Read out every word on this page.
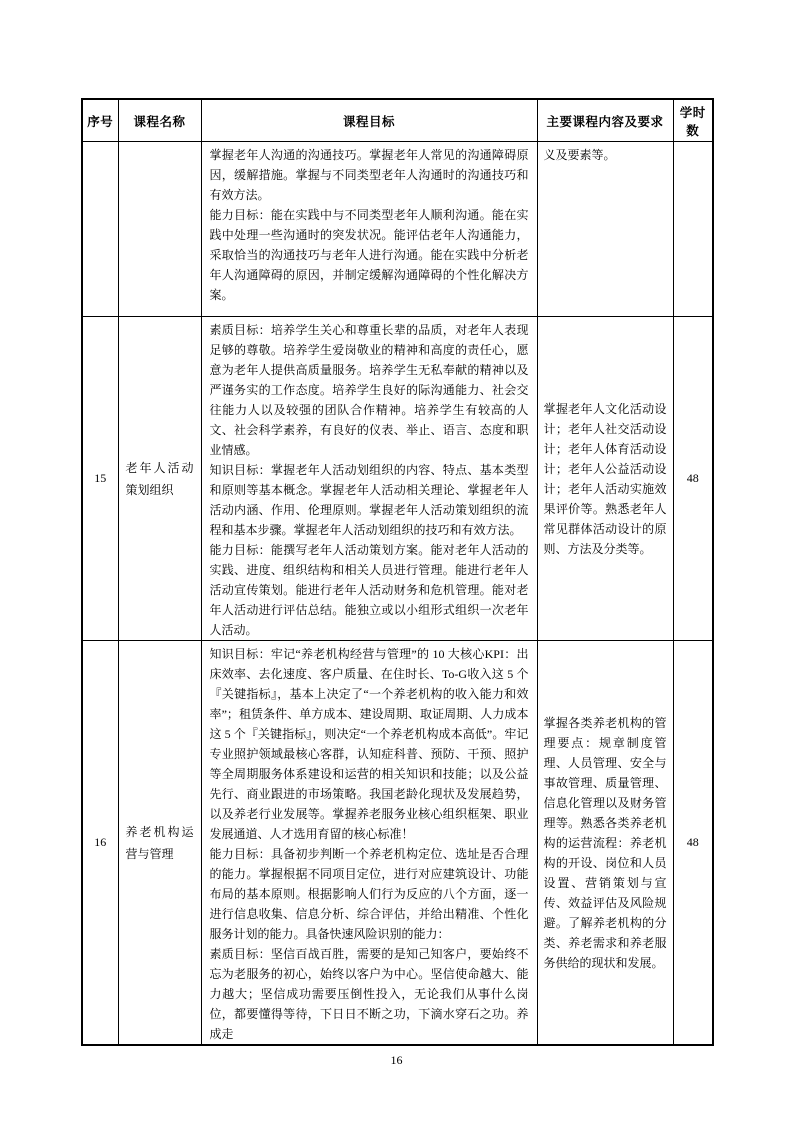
序号	课程名称	课程目标	主要课程内容及要求	学时数

		掌握老年人沟通的沟通技巧。掌握老年人常见的沟通障碍原因，缓解措施。掌握与不同类型老年人沟通时的沟通技巧和有效方法。

能力目标：能在实践中与不同类型老年人顺利沟通。能在实践中处理一些沟通时的突发状况。能评估老年人沟通能力，采取恰当的沟通技巧与老年人进行沟通。能在实践中分析老年人沟通障碍的原因，并制定缓解沟通障碍的个性化解决方案。	义及要素等。	
15	老年人活动策划组织	素质目标：培养学生关心和尊重长辈的品质，对老年人表现足够的尊敬。培养学生爱岗敬业的精神和高度的责任心，愿意为老年人提供高质量服务。培养学生无私奉献的精神以及严谨务实的工作态度。培养学生良好的际沟通能力、社会交往能力人以及较强的团队合作精神。培养学生有较高的人文、社会科学素养，有良好的仪表、举止、语言、态度和职业情感。

知识目标：掌握老年人活动划组织的内容、特点、基本类型和原则等基本概念。掌握老年人活动相关理论、掌握老年人活动内涵、作用、伦理原则。掌握老年人活动策划组织的流程和基本步骤。掌握老年人活动划组织的技巧和有效方法。

能力目标：能撰写老年人活动策划方案。能对老年人活动的实践、进度、组织结构和相关人员进行管理。能进行老年人活动宣传策划。能进行老年人活动财务和危机管理。能对老年人活动进行评估总结。能独立或以小组形式组织一次老年人活动。	掌握老年人文化活动设计；老年人社交活动设计；老年人体育活动设计；老年人公益活动设计；老年人活动实施效果评价等。熟悉老年人常见群体活动设计的原则、方法及分类等。	48
16	养老机构运营与管理	知识目标：牢记“养老机构经营与管理”的 10 大核心KPI：出床效率、去化速度、客户质量、在住时长、To-G收入这 5 个『关键指标』，基本上决定了“一个养老机构的收入能力和效率”；租赁条件、单方成本、建设周期、取证周期、人力成本这 5 个『关键指标』，则决定“一个养老机构成本高低”。牢记专业照护领域最核心客群，认知症科普、预防、干预、照护等全周期服务体系建设和运营的相关知识和技能；以及公益先行、商业跟进的市场策略。我国老龄化现状及发展趋势，以及养老行业发展等。掌握养老服务业核心组织框架、职业发展通道、人才选用育留的核心标准！

能力目标：具备初步判断一个养老机构定位、选址是否合理的能力。掌握根据不同项目定位，进行对应建筑设计、功能布局的基本原则。根据影响人们行为反应的八个方面，逐一进行信息收集、信息分析、综合评估，并给出精准、个性化服务计划的能力。具备快速风险识别的能力：

素质目标：坚信百战百胜，需要的是知己知客户，要始终不忘为老服务的初心，始终以客户为中心。坚信使命越大、能力越大；坚信成功需要压倒性投入，无论我们从事什么岗位，都要懂得等待，下日日不断之功，下滴水穿石之功。养成走	掌握各类养老机构的管理要点：规章制度管理、人员管理、安全与事故管理、质量管理、信息化管理以及财务管理等。熟悉各类养老机构的运营流程：养老机构的开设、岗位和人员设置、营销策划与宣传、效益评估及风险规避。了解养老机构的分类、养老需求和养老服务供给的现状和发展。	48
16
